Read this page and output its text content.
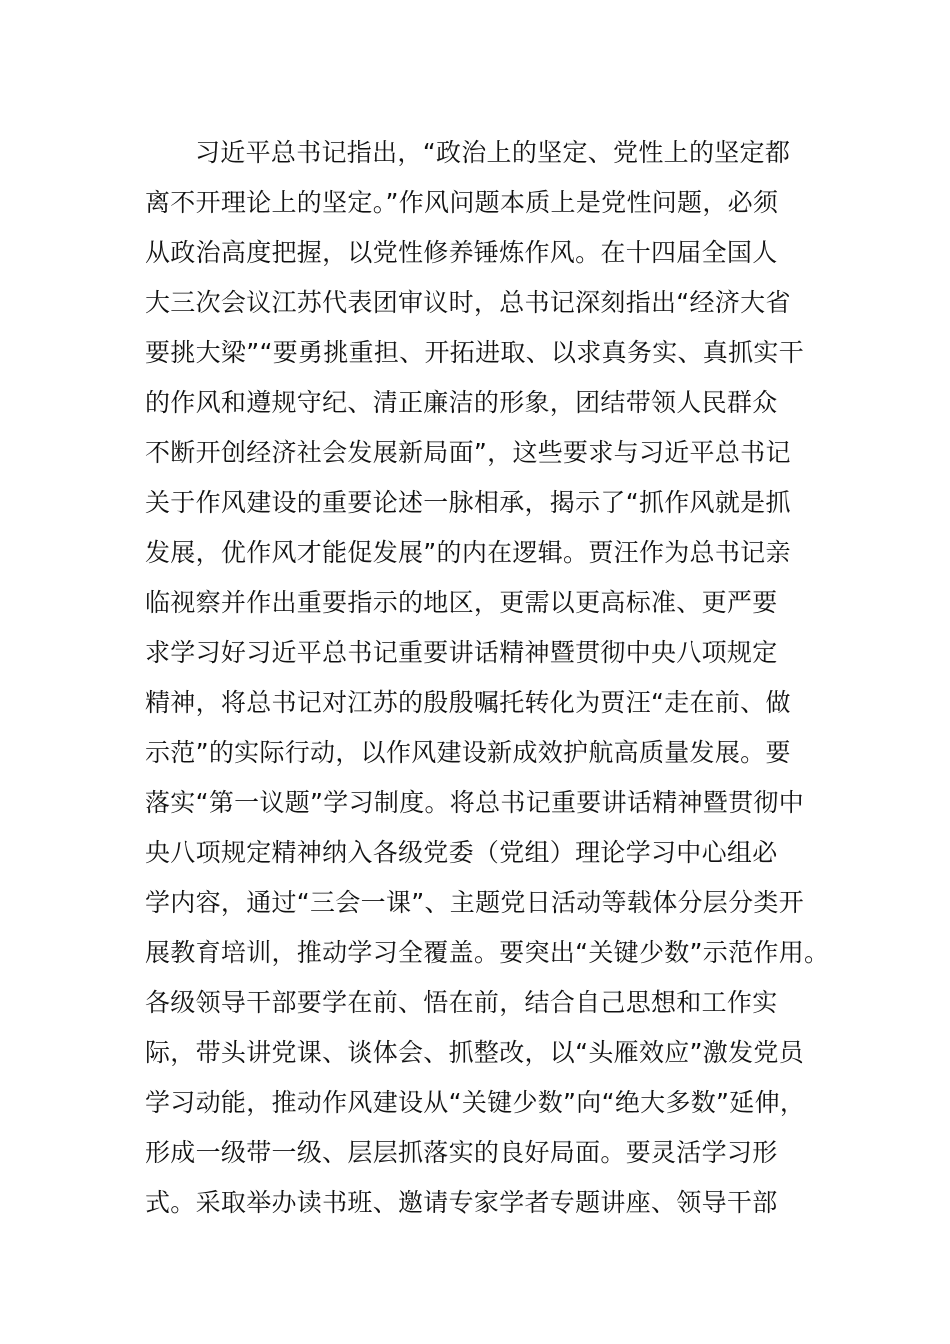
习近平总书记指出，“政治上的坚定、党性上的坚定都
离不开理论上的坚定。”作风问题本质上是党性问题，必须
从政治高度把握，以党性修养锤炼作风。在十四届全国人
大三次会议江苏代表团审议时，总书记深刻指出“经济大省
要挑大梁”“要勇挑重担、开拓进取、以求真务实、真抓实干
的作风和遵规守纪、清正廉洁的形象，团结带领人民群众
不断开创经济社会发展新局面”，这些要求与习近平总书记
关于作风建设的重要论述一脉相承，揭示了“抓作风就是抓
发展，优作风才能促发展”的内在逻辑。贾汪作为总书记亲
临视察并作出重要指示的地区，更需以更高标准、更严要
求学习好习近平总书记重要讲话精神暨贯彻中央八项规定
精神，将总书记对江苏的殷殷嘱托转化为贾汪“走在前、做
示范”的实际行动，以作风建设新成效护航高质量发展。要
落实“第一议题”学习制度。将总书记重要讲话精神暨贯彻中
央八项规定精神纳入各级党委（党组）理论学习中心组必
学内容，通过“三会一课”、主题党日活动等载体分层分类开
展教育培训，推动学习全覆盖。要突出“关键少数”示范作用。
各级领导干部要学在前、悟在前，结合自己思想和工作实
际，带头讲党课、谈体会、抓整改，以“头雁效应”激发党员
学习动能，推动作风建设从“关键少数”向“绝大多数”延伸，
形成一级带一级、层层抓落实的良好局面。要灵活学习形
式。采取举办读书班、邀请专家学者专题讲座、领导干部
